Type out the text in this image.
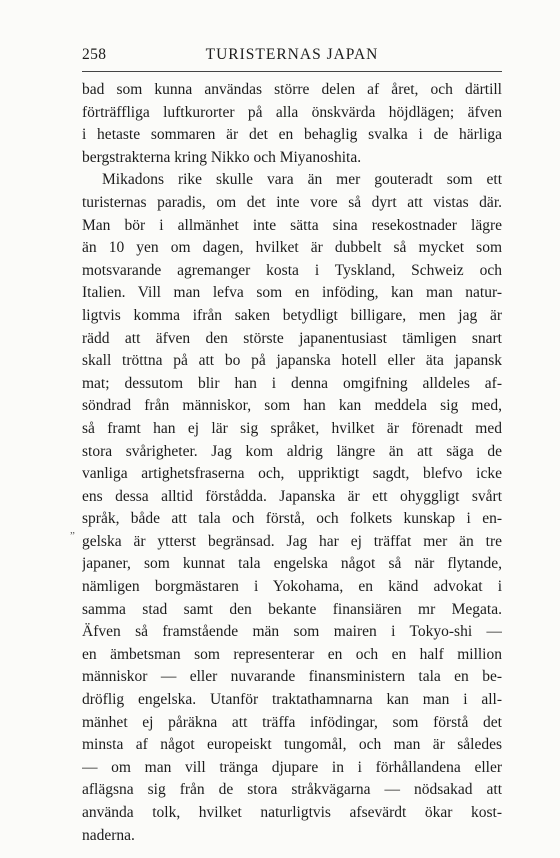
258	TURISTERNAS JAPAN
„
bad som kunna användas större delen af året, och därtill
förträffliga luftkurorter på alla önskvärda höjdlägen; äfven
i hetaste sommaren är det en behaglig svalka i de härliga
bergstrakterna kring Nikko och Miyanoshita.
Mikadons rike skulle vara än mer gouteradt som ett
turisternas paradis, om det inte vore så dyrt att vistas där.
Man bör i allmänhet inte sätta sina resekostnader lägre
än 10 yen om dagen, hvilket är dubbelt så mycket som
motsvarande agremanger kosta i Tyskland, Schweiz och
Italien. Vill man lefva som en inföding, kan man natur-
ligtvis komma ifrån saken betydligt billigare, men jag är
rädd att äfven den störste japanentusiast tämligen snart
skall tröttna på att bo på japanska hotell eller äta japansk
mat; dessutom blir han i denna omgifning alldeles af-
söndrad från människor, som han kan meddela sig med,
så framt han ej lär sig språket, hvilket är förenadt med
stora svårigheter. Jag kom aldrig längre än att säga de
vanliga artighetsfraserna och, uppriktigt sagdt, blefvo icke
ens dessa alltid förstådda. Japanska är ett ohyggligt svårt
språk, både att tala och förstå, och folkets kunskap i en-
gelska är ytterst begränsad. Jag har ej träffat mer än tre
japaner, som kunnat tala engelska något så när flytande,
nämligen borgmästaren i Yokohama, en känd advokat i
samma stad samt den bekante finansiären mr Megata.
Äfven så framstående män som mairen i Tokyo-shi —
en ämbetsman som representerar en och en half million
människor — eller nuvarande finansministern tala en be-
dröflig engelska. Utanför traktathamnarna kan man i all-
mänhet ej påräkna att träffa infödingar, som förstå det
minsta af något europeiskt tungomål, och man är således
— om man vill tränga djupare in i förhållandena eller
aflägsna sig från de stora stråkvägarna — nödsakad att
använda tolk, hvilket naturligtvis afsevärdt ökar kost-
naderna.
